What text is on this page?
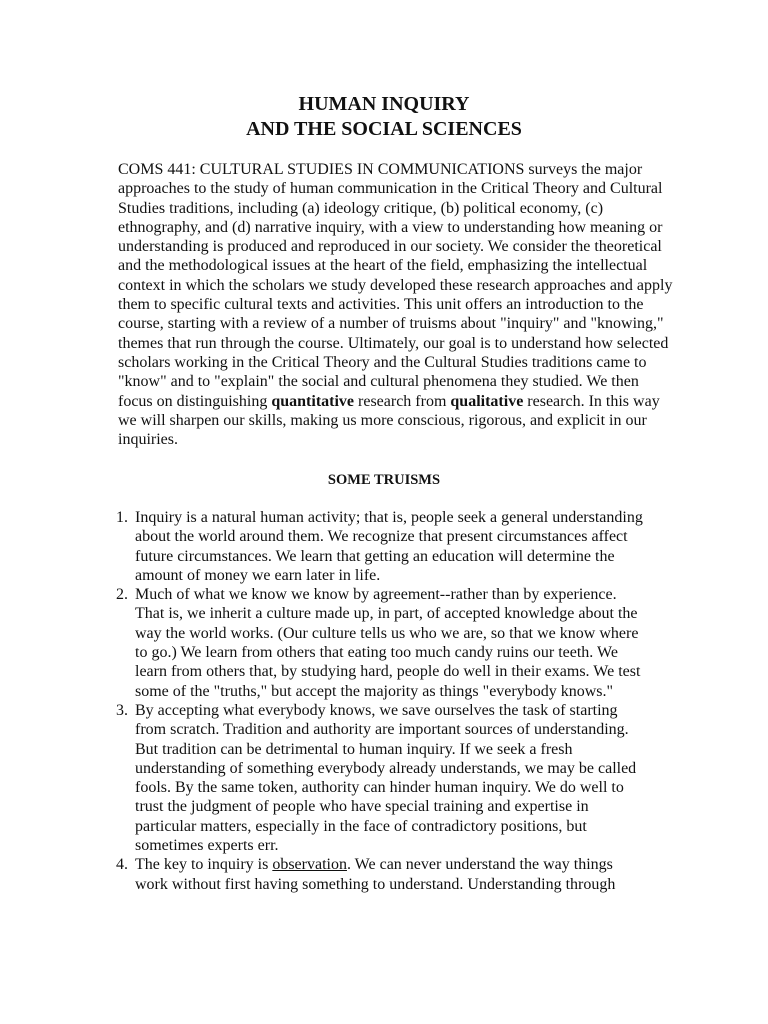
HUMAN INQUIRY
AND THE SOCIAL SCIENCES

COMS 441: CULTURAL STUDIES IN COMMUNICATIONS surveys the major

approaches to the study of human communication in the Critical Theory and Cultural

Studies traditions, including (a) ideology critique, (b) political economy, (c)

ethnography, and (d) narrative inquiry, with a view to understanding how meaning or

understanding is produced and reproduced in our society. We consider the theoretical

and the methodological issues at the heart of the field, emphasizing the intellectual

context in which the scholars we study developed these research approaches and apply

them to specific cultural texts and activities. This unit offers an introduction to the

course, starting with a review of a number of truisms about "inquiry" and "knowing,"

themes that run through the course. Ultimately, our goal is to understand how selected

scholars working in the Critical Theory and the Cultural Studies traditions came to

"know" and to "explain" the social and cultural phenomena they studied. We then

focus on distinguishing quantitative research from qualitative research. In this way

we will sharpen our skills, making us more conscious, rigorous, and explicit in our

inquiries.

SOME TRUISMS
1. Inquiry is a natural human activity; that is, people seek a general understanding

about the world around them. We recognize that present circumstances affect

future circumstances. We learn that getting an education will determine the

amount of money we earn later in life.

2. Much of what we know we know by agreement--rather than by experience.

That is, we inherit a culture made up, in part, of accepted knowledge about the

way the world works. (Our culture tells us who we are, so that we know where

to go.) We learn from others that eating too much candy ruins our teeth. We

learn from others that, by studying hard, people do well in their exams. We test

some of the "truths," but accept the majority as things "everybody knows."

3. By accepting what everybody knows, we save ourselves the task of starting

from scratch. Tradition and authority are important sources of understanding.

But tradition can be detrimental to human inquiry. If we seek a fresh

understanding of something everybody already understands, we may be called

fools. By the same token, authority can hinder human inquiry. We do well to

trust the judgment of people who have special training and expertise in

particular matters, especially in the face of contradictory positions, but

sometimes experts err.

4. The key to inquiry is observation. We can never understand the way things

work without first having something to understand. Understanding through
